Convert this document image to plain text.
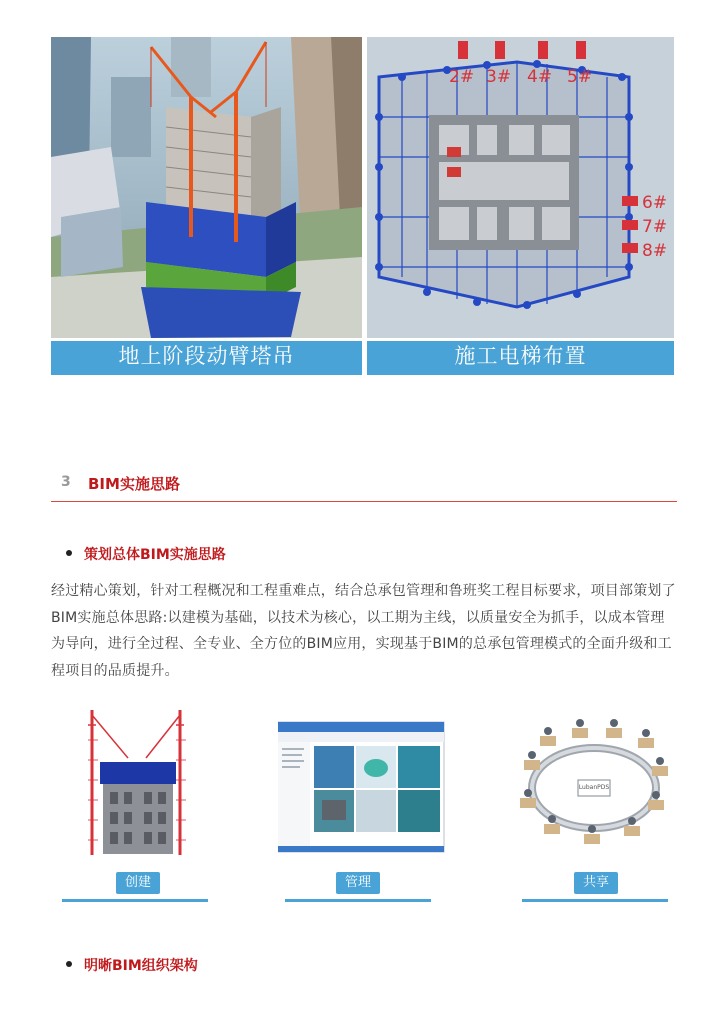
地上阶段动臂塔吊
2# 3# 4# 5#
6#
7#
8#
施工电梯布置
3 BIM实施思路
策划总体BIM实施思路

经过精心策划，针对工程概况和工程重难点，结合总承包管理和鲁班奖工程目标要求，项目部策划了BIM实施总体思路:以建模为基础，以技术为核心，以工期为主线，以质量安全为抓手，以成本管理为导向，进行全过程、全专业、全方位的BIM应用，实现基于BIM的总承包管理模式的全面升级和工程项目的品质提升。

创建	管理
LubanPDS
共享
明晰BIM组织架构
